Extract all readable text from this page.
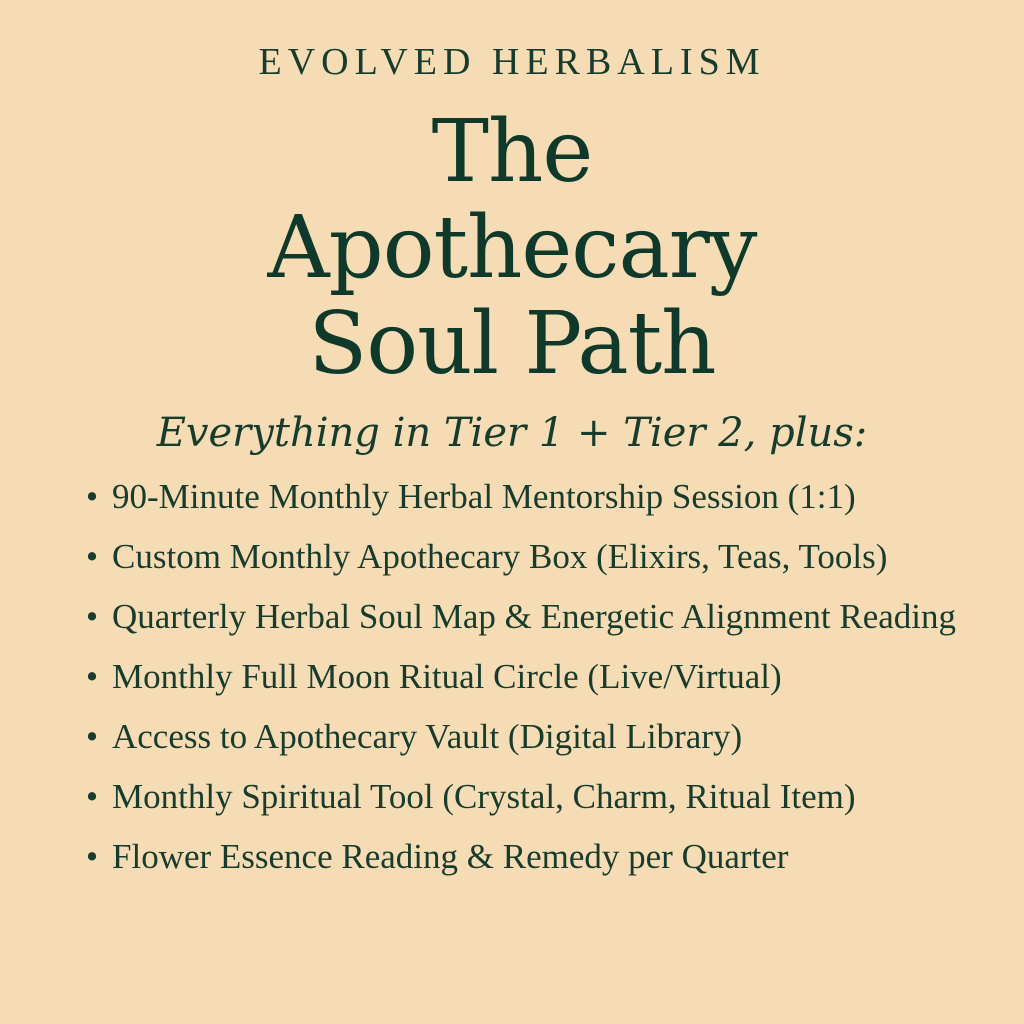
EVOLVED HERBALISM
The
Apothecary
Soul Path
Everything in Tier 1 + Tier 2, plus:
• 90-Minute Monthly Herbal Mentorship Session (1:1)
• Custom Monthly Apothecary Box (Elixirs, Teas, Tools)
• Quarterly Herbal Soul Map & Energetic Alignment Reading
• Monthly Full Moon Ritual Circle (Live/Virtual)
• Access to Apothecary Vault (Digital Library)
• Monthly Spiritual Tool (Crystal, Charm, Ritual Item)
• Flower Essence Reading & Remedy per Quarter
